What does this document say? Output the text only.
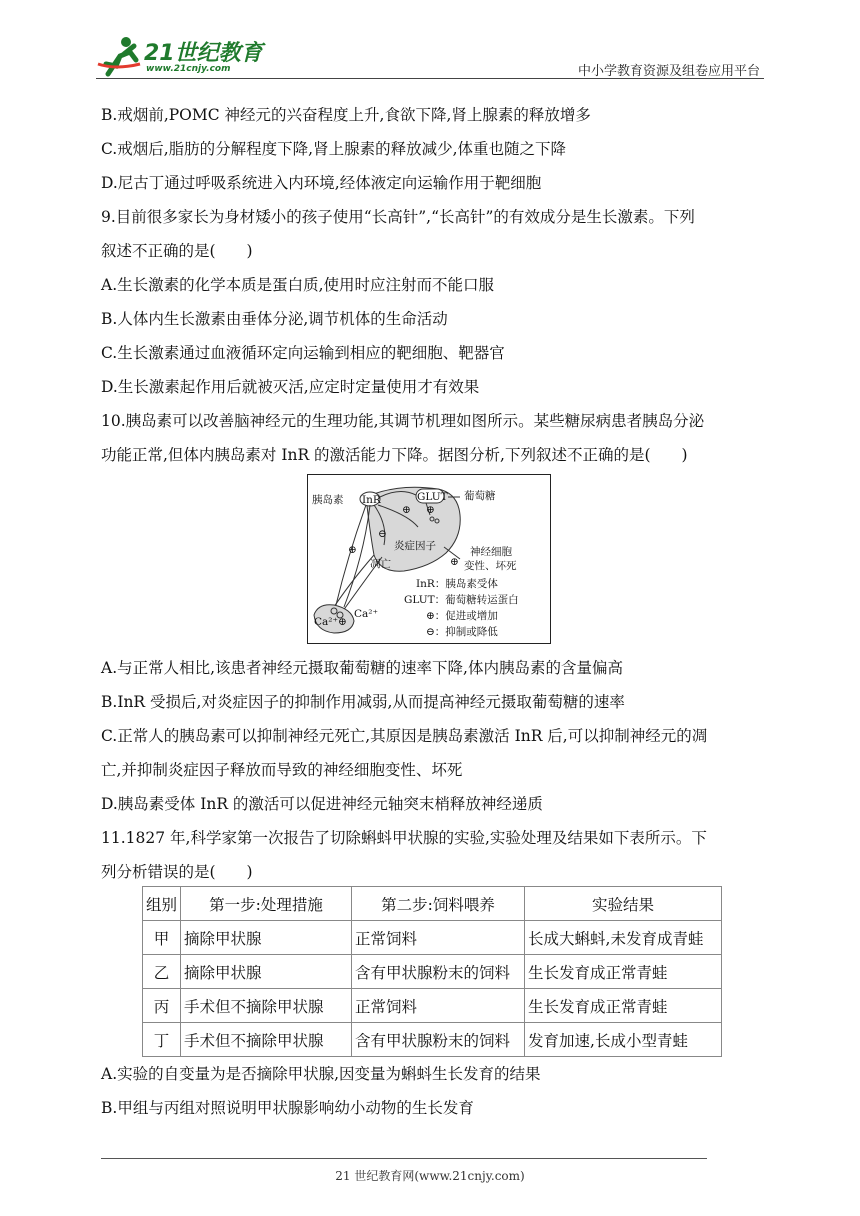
21世纪教育
www.21cnjy.com	中小学教育资源及组卷应用平台
B.戒烟前,POMC 神经元的兴奋程度上升,食欲下降,肾上腺素的释放增多
C.戒烟后,脂肪的分解程度下降,肾上腺素的释放减少,体重也随之下降
D.尼古丁通过呼吸系统进入内环境,经体液定向运输作用于靶细胞
9.目前很多家长为身材矮小的孩子使用“长高针”,“长高针”的有效成分是生长激素。下列
叙述不正确的是(　　)
A.生长激素的化学本质是蛋白质,使用时应注射而不能口服
B.人体内生长激素由垂体分泌,调节机体的生命活动
C.生长激素通过血液循环定向运输到相应的靶细胞、靶器官
D.生长激素起作用后就被灭活,应定时定量使用才有效果
10.胰岛素可以改善脑神经元的生理功能,其调节机理如图所示。某些糖尿病患者胰岛分泌
功能正常,但体内胰岛素对 InR 的激活能力下降。据图分析,下列叙述不正确的是(　　)
⊕ ⊕
⊕
⊖
⊕
⊕
胰岛素 InR	GLUT 葡萄糖
炎症因子
凋亡
神经细胞
变性、坏死
InR：胰岛素受体
GLUT：葡萄糖转运蛋白
⊕：促进或增加
⊖：抑制或降低
Ca²⁺
Ca²⁺
A.与正常人相比,该患者神经元摄取葡萄糖的速率下降,体内胰岛素的含量偏高
B.InR 受损后,对炎症因子的抑制作用减弱,从而提高神经元摄取葡萄糖的速率
C.正常人的胰岛素可以抑制神经元死亡,其原因是胰岛素激活 InR 后,可以抑制神经元的凋
亡,并抑制炎症因子释放而导致的神经细胞变性、坏死
D.胰岛素受体 InR 的激活可以促进神经元轴突末梢释放神经递质
11.1827 年,科学家第一次报告了切除蝌蚪甲状腺的实验,实验处理及结果如下表所示。下
列分析错误的是(　　)
组别	第一步:处理措施	第二步:饲料喂养	实验结果
甲	摘除甲状腺	正常饲料	长成大蝌蚪,未发育成青蛙
乙	摘除甲状腺	含有甲状腺粉末的饲料	生长发育成正常青蛙
丙	手术但不摘除甲状腺	正常饲料	生长发育成正常青蛙
丁	手术但不摘除甲状腺	含有甲状腺粉末的饲料	发育加速,长成小型青蛙
A.实验的自变量为是否摘除甲状腺,因变量为蝌蚪生长发育的结果
B.甲组与丙组对照说明甲状腺影响幼小动物的生长发育
21 世纪教育网(www.21cnjy.com)
